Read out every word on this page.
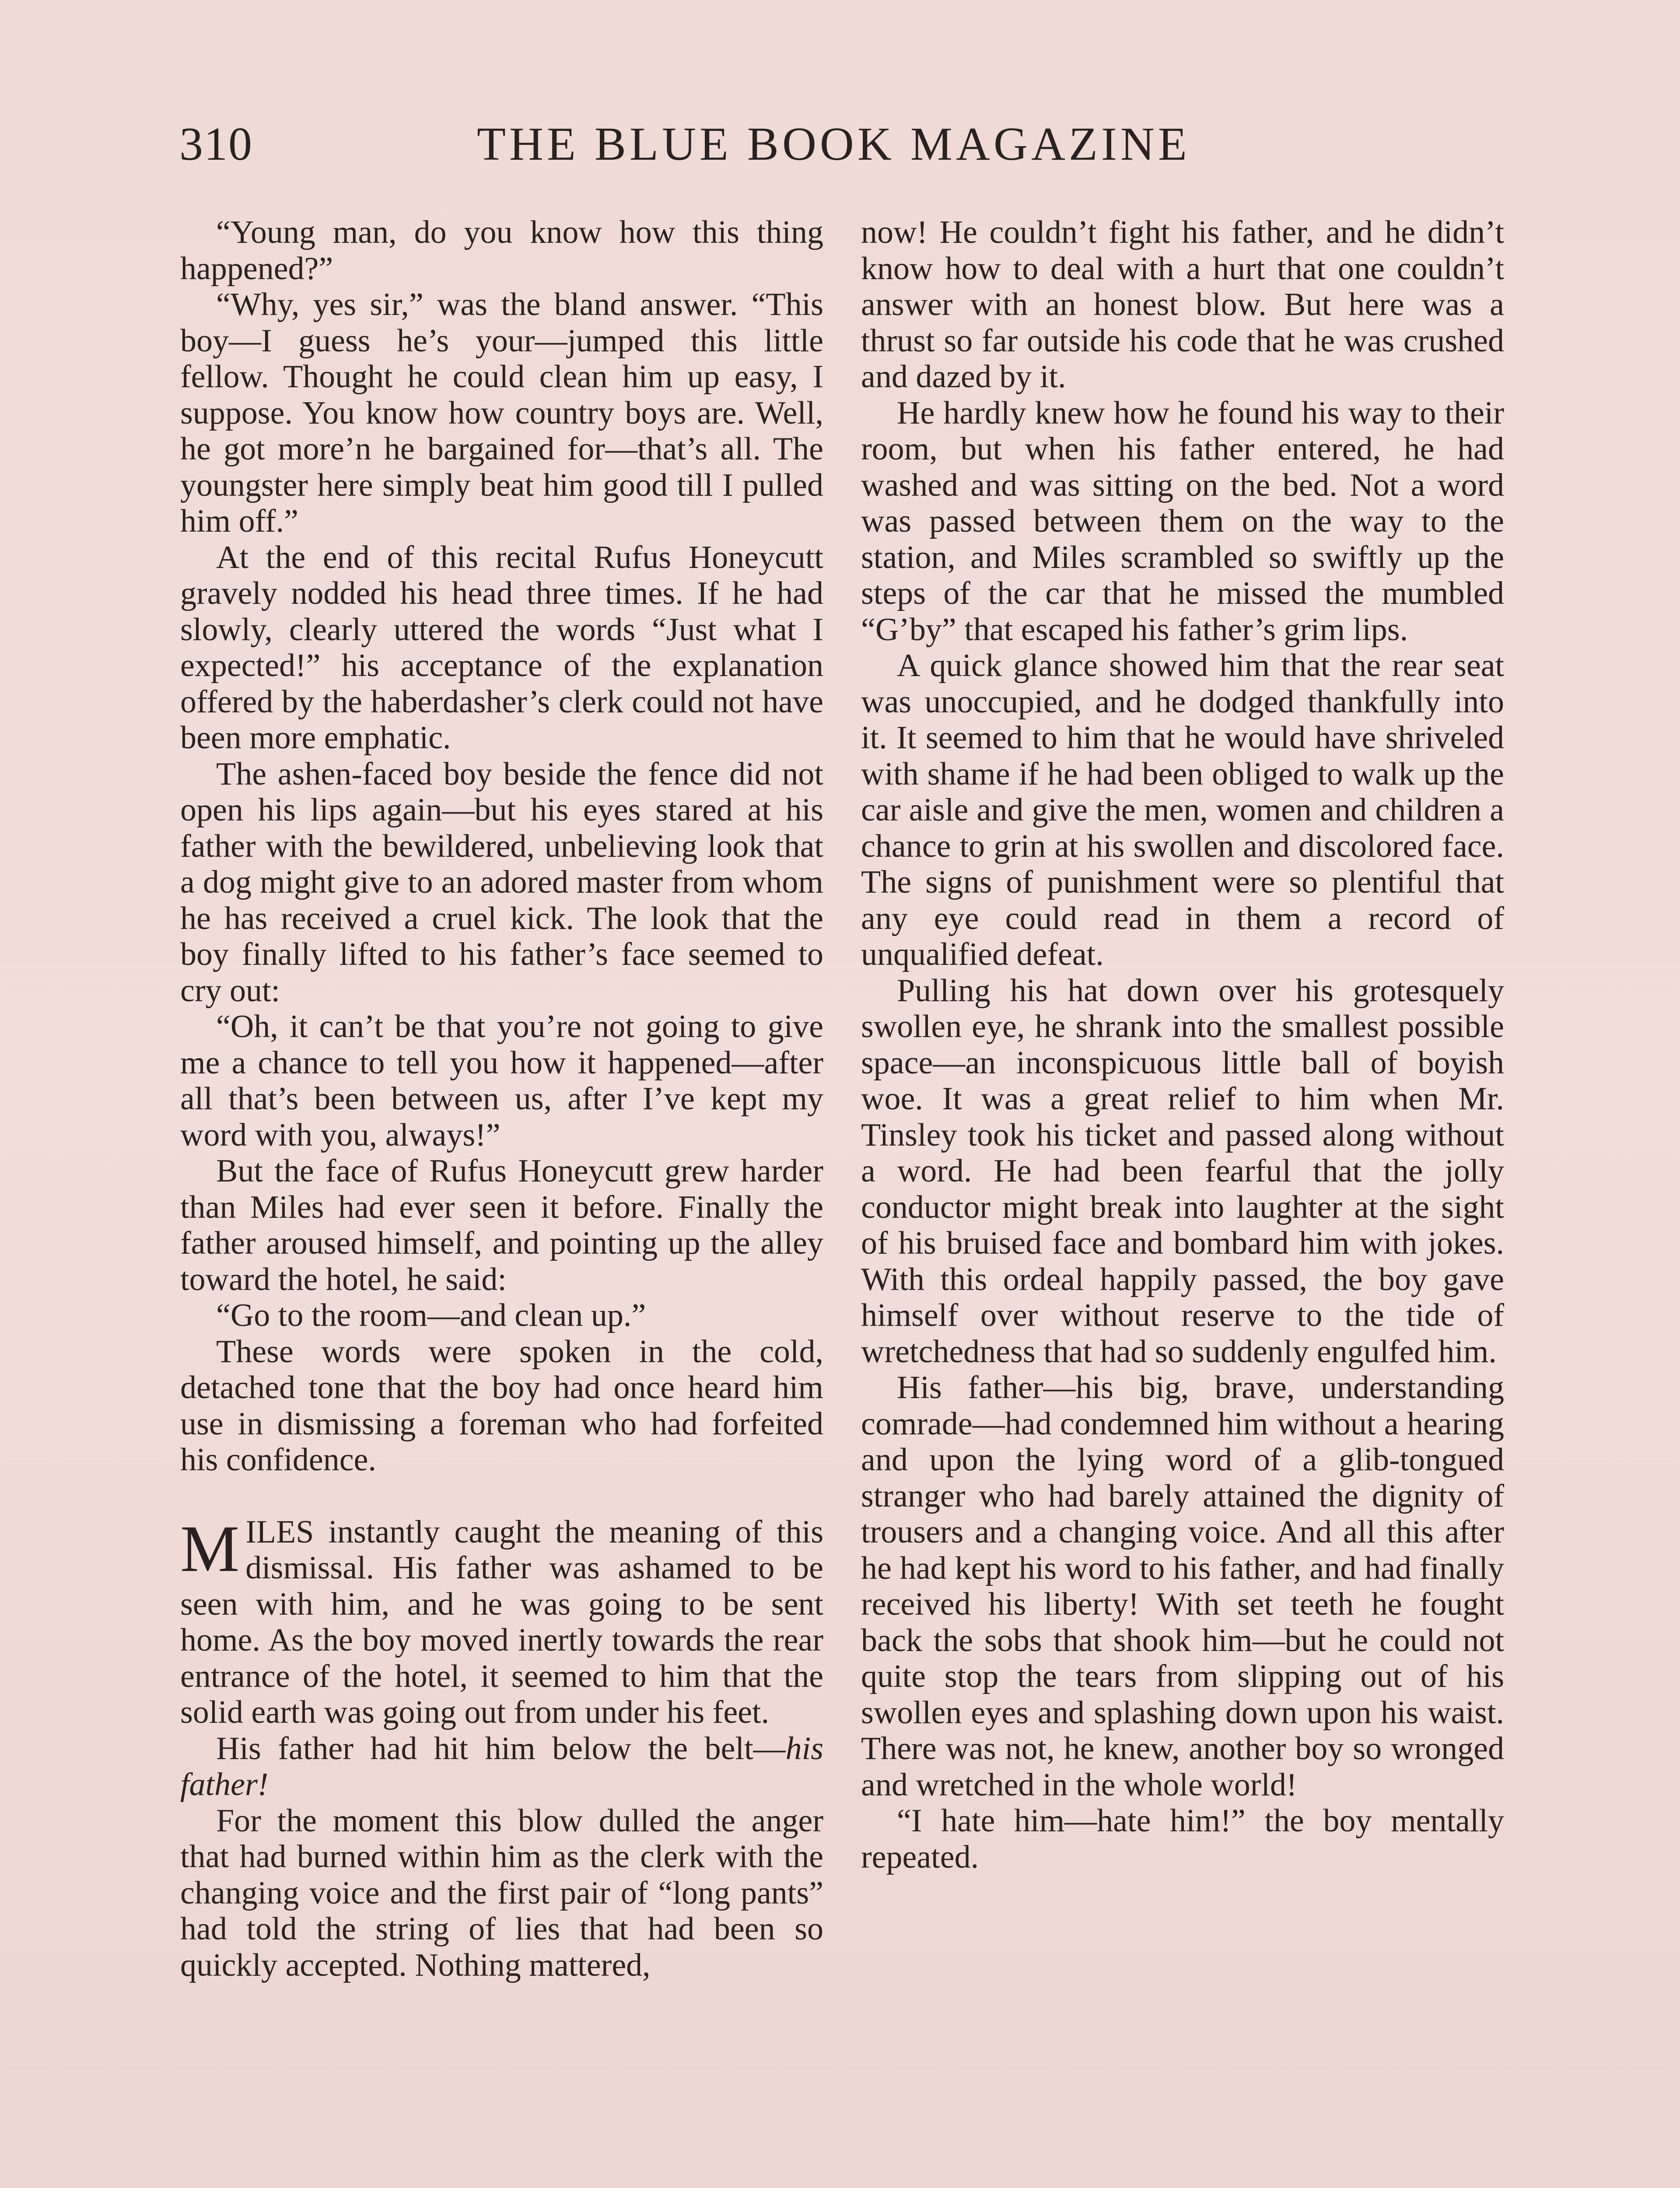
310	THE BLUE BOOK MAGAZINE

“Young man, do you know how this thing happened?”

“Why, yes sir,” was the bland answer. “This boy—I guess he’s your—jumped this little fellow. Thought he could clean him up easy, I suppose. You know how country boys are. Well, he got more’n he bargained for—that’s all. The youngster here simply beat him good till I pulled him off.”

At the end of this recital Rufus Honeycutt gravely nodded his head three times. If he had slowly, clearly uttered the words “Just what I expected!” his acceptance of the explanation offered by the haberdasher’s clerk could not have been more emphatic.

The ashen-faced boy beside the fence did not open his lips again—but his eyes stared at his father with the bewildered, unbelieving look that a dog might give to an adored master from whom he has received a cruel kick. The look that the boy finally lifted to his father’s face seemed to cry out:

“Oh, it can’t be that you’re not going to give me a chance to tell you how it happened—after all that’s been between us, after I’ve kept my word with you, always!”

But the face of Rufus Honeycutt grew harder than Miles had ever seen it before. Finally the father aroused himself, and pointing up the alley toward the hotel, he said:

“Go to the room—and clean up.”

These words were spoken in the cold, detached tone that the boy had once heard him use in dismissing a foreman who had forfeited his confidence.

MILES instantly caught the meaning of this dismissal. His father was ashamed to be seen with him, and he was going to be sent home. As the boy moved inertly towards the rear entrance of the hotel, it seemed to him that the solid earth was going out from under his feet.

His father had hit him below the belt—his father!

For the moment this blow dulled the anger that had burned within him as the clerk with the changing voice and the first pair of “long pants” had told the string of lies that had been so quickly accepted. Nothing mattered,

now! He couldn’t fight his father, and he didn’t know how to deal with a hurt that one couldn’t answer with an honest blow. But here was a thrust so far outside his code that he was crushed and dazed by it.

He hardly knew how he found his way to their room, but when his father entered, he had washed and was sitting on the bed. Not a word was passed between them on the way to the station, and Miles scrambled so swiftly up the steps of the car that he missed the mumbled “G’by” that escaped his father’s grim lips.

A quick glance showed him that the rear seat was unoccupied, and he dodged thankfully into it. It seemed to him that he would have shriveled with shame if he had been obliged to walk up the car aisle and give the men, women and children a chance to grin at his swollen and discolored face. The signs of punishment were so plentiful that any eye could read in them a record of unqualified defeat.

Pulling his hat down over his grotesquely swollen eye, he shrank into the smallest possible space—an inconspicuous little ball of boyish woe. It was a great relief to him when Mr. Tinsley took his ticket and passed along without a word. He had been fearful that the jolly conductor might break into laughter at the sight of his bruised face and bombard him with jokes. With this ordeal happily passed, the boy gave himself over without reserve to the tide of wretchedness that had so suddenly engulfed him.

His father—his big, brave, understanding comrade—had condemned him without a hearing and upon the lying word of a glib-tongued stranger who had barely attained the dignity of trousers and a changing voice. And all this after he had kept his word to his father, and had finally received his liberty! With set teeth he fought back the sobs that shook him—but he could not quite stop the tears from slipping out of his swollen eyes and splashing down upon his waist. There was not, he knew, another boy so wronged and wretched in the whole world!

“I hate him—hate him!” the boy mentally repeated.
